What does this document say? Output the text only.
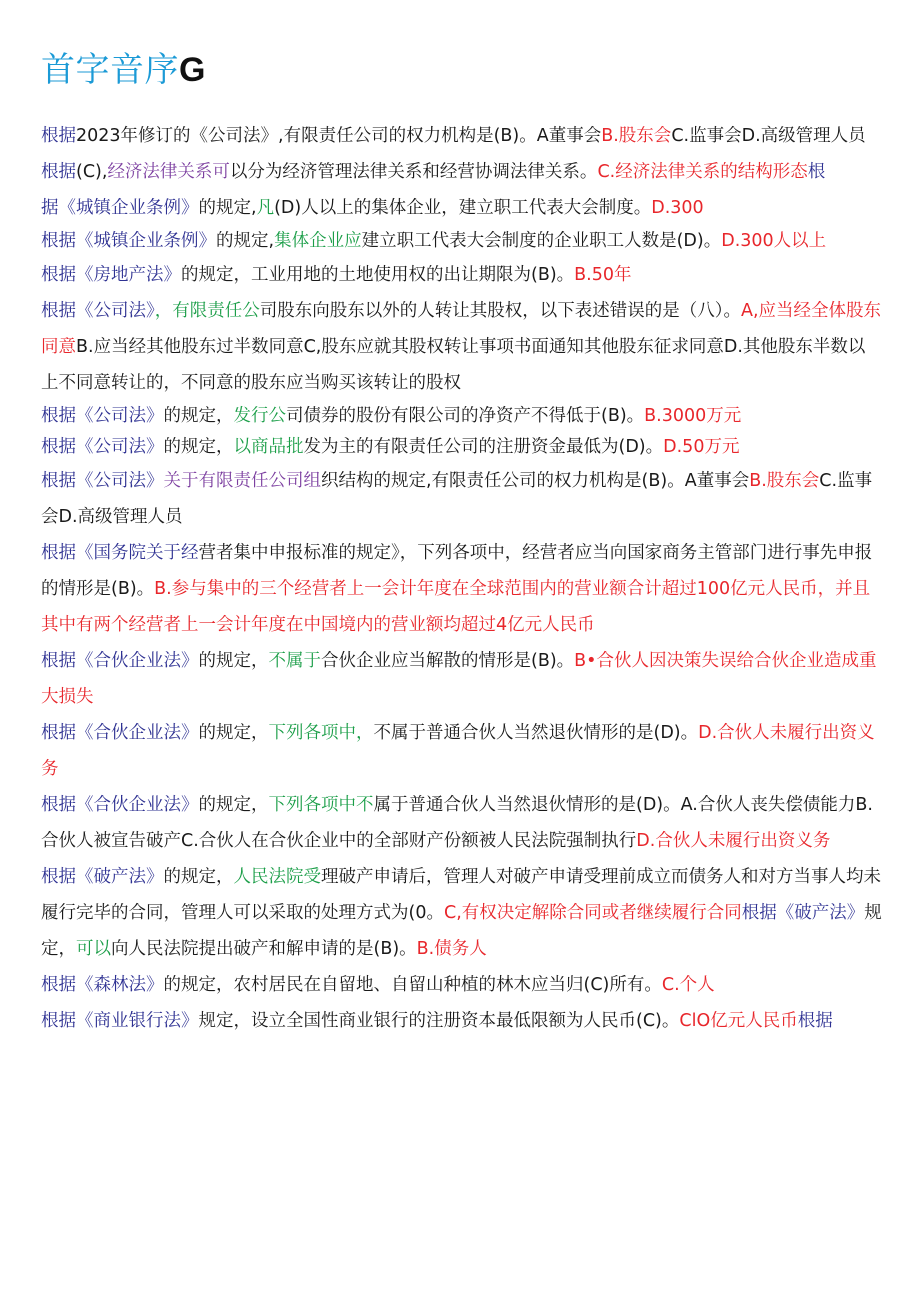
首字音序G

根据2023年修订的《公司法》,有限责任公司的权力机构是(B)。A董事会B.股东会C.监事会D.高级管理人员

根据(C),经济法律关系可以分为经济管理法律关系和经营协调法律关系。C.经济法律关系的结构形态根

据《城镇企业条例》的规定,凡(D)人以上的集体企业，建立职工代表大会制度。D.300

根据《城镇企业条例》的规定,集体企业应建立职工代表大会制度的企业职工人数是(D)。D.300人以上

根据《房地产法》的规定，工业用地的土地使用权的出让期限为(B)。B.50年

根据《公司法》，有限责任公司股东向股东以外的人转让其股权，以下表述错误的是（八）。A,应当经全体股东同意B.应当经其他股东过半数同意C,股东应就其股权转让事项书面通知其他股东征求同意D.其他股东半数以上不同意转让的，不同意的股东应当购买该转让的股权

根据《公司法》的规定，发行公司债券的股份有限公司的净资产不得低于(B)。B.3000万元

根据《公司法》的规定，以商品批发为主的有限责任公司的注册资金最低为(D)。D.50万元

根据《公司法》关于有限责任公司组织结构的规定,有限责任公司的权力机构是(B)。A董事会B.股东会C.监事会D.高级管理人员

根据《国务院关于经营者集中申报标准的规定》，下列各项中，经营者应当向国家商务主管部门进行事先申报的情形是(B)。B.参与集中的三个经营者上一会计年度在全球范围内的营业额合计超过100亿元人民币，并且其中有两个经营者上一会计年度在中国境内的营业额均超过4亿元人民币

根据《合伙企业法》的规定，不属于合伙企业应当解散的情形是(B)。B•合伙人因决策失误给合伙企业造成重大损失

根据《合伙企业法》的规定，下列各项中，不属于普通合伙人当然退伙情形的是(D)。D.合伙人未履行出资义务

根据《合伙企业法》的规定，下列各项中不属于普通合伙人当然退伙情形的是(D)。A.合伙人丧失偿债能力B.合伙人被宣告破产C.合伙人在合伙企业中的全部财产份额被人民法院强制执行D.合伙人未履行出资义务

根据《破产法》的规定，人民法院受理破产申请后，管理人对破产申请受理前成立而债务人和对方当事人均未履行完毕的合同，管理人可以采取的处理方式为(0。C,有权决定解除合同或者继续履行合同根据《破产法》规定，可以向人民法院提出破产和解申请的是(B)。B.债务人

根据《森林法》的规定，农村居民在自留地、自留山种植的林木应当归(C)所有。C.个人

根据《商业银行法》规定，设立全国性商业银行的注册资本最低限额为人民币(C)。ClO亿元人民币根据
